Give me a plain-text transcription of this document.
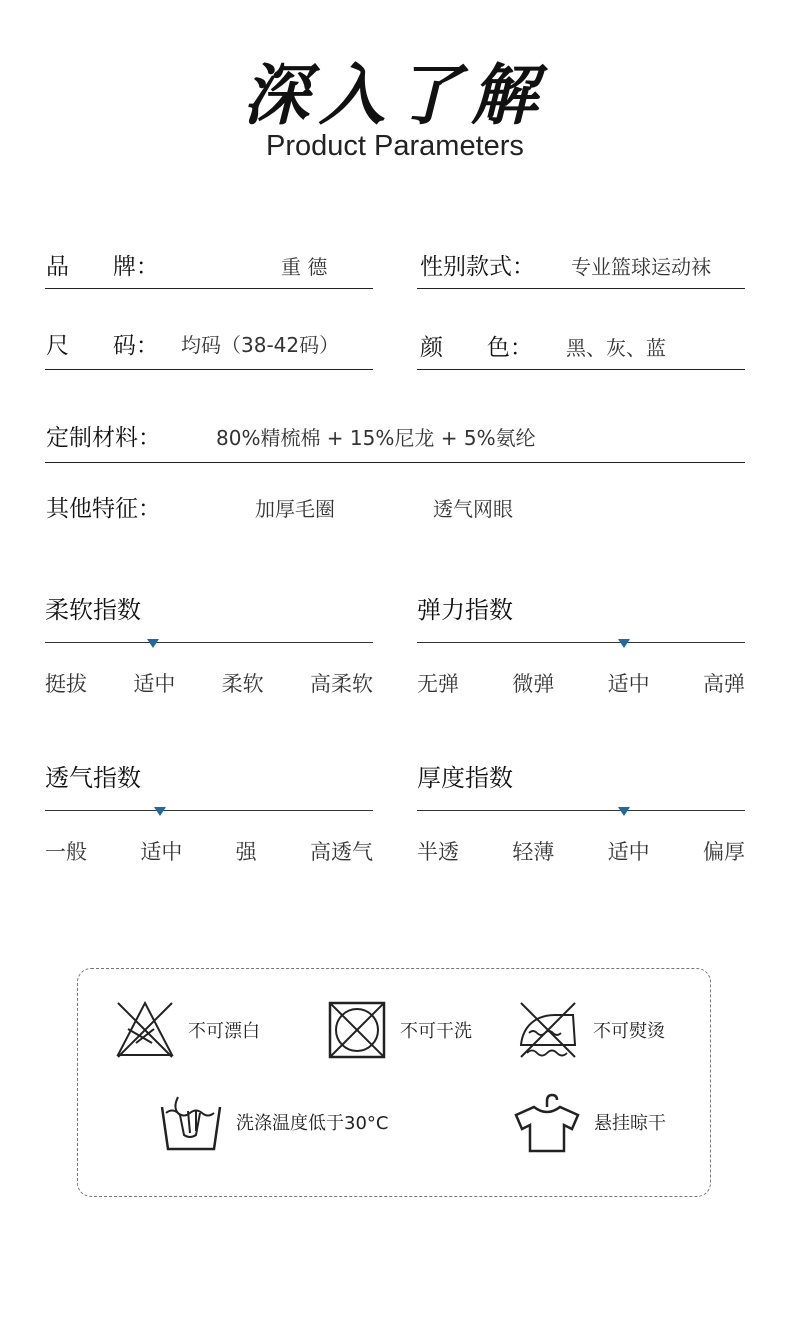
深入了解
Product Parameters
品      牌：	重 德	性别款式： 专业篮球运动袜
尺      码： 均码（38-42码）	颜      色： 黑、灰、蓝
定制材料：	80%精梳棉 + 15%尼龙 + 5%氨纶
其他特征：	加厚毛圈	透气网眼
柔软指数
挺拔 适中 柔软 高柔软
弹力指数
无弹	微弹	适中	高弹
透气指数
一般	适中	强	高透气
厚度指数
半透	轻薄	适中	偏厚
不可漂白	不可干洗	不可熨烫
洗涤温度低于30°C	悬挂晾干
